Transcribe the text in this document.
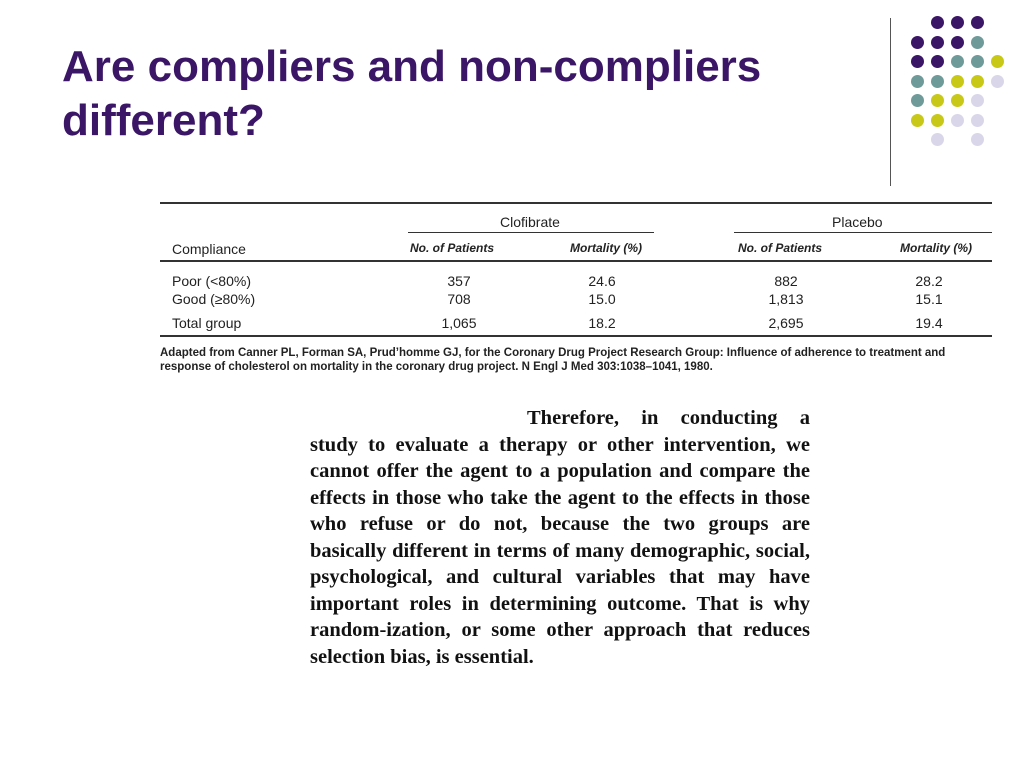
Are compliers and non-compliers
different?
Clofibrate	Placebo
Compliance	No. of Patients	Mortality (%)	No. of Patients	Mortality (%)
Poor (<80%)	357	24.6	882	28.2
Good (≥80%)	708	15.0	1,813	15.1
Total group	1,065	18.2	2,695	19.4
Adapted from Canner PL, Forman SA, Prud’homme GJ, for the Coronary Drug Project Research Group: Influence of adherence to treatment and response of cholesterol on mortality in the coronary drug project. N Engl J Med 303:1038–1041, 1980.

Therefore, in conducting a study to evaluate a therapy or other intervention, we cannot offer the agent to a population and compare the effects in those who take the agent to the effects in those who refuse or do not, because the two groups are basically different in terms of many demographic, social, psychological, and cultural variables that may have important roles in determining outcome. That is why random-ization, or some other approach that reduces selection bias, is essential.
